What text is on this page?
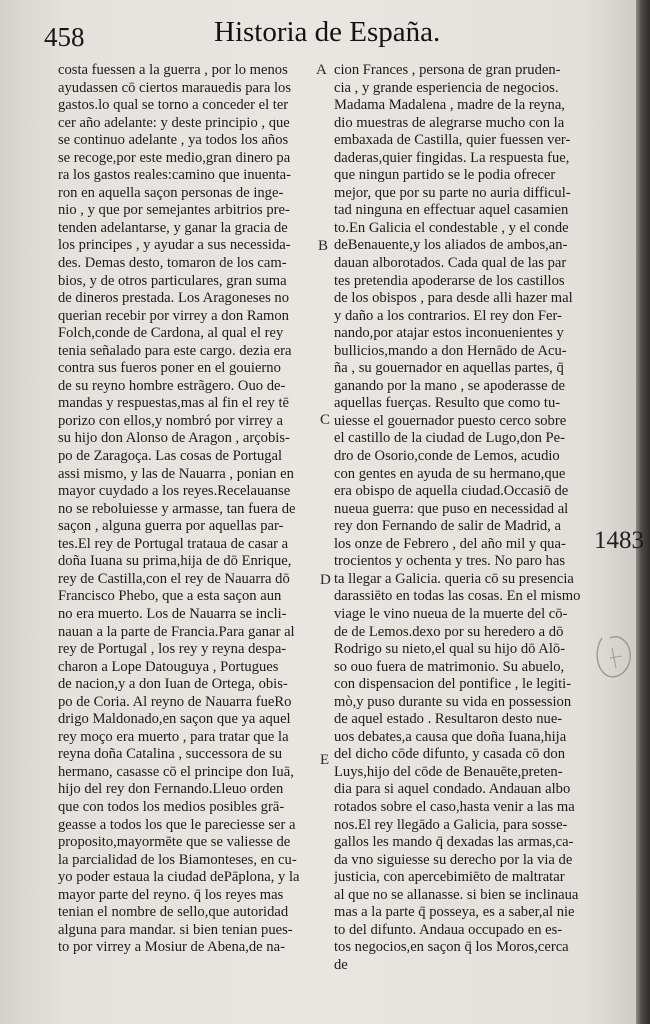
458	Historia de España.
costa fuessen a la guerra , por lo menos
ayudassen cō ciertos marauedis para los
gastos.lo qual se torno a conceder el ter
cer año adelante: y deste principio , que
se continuo adelante , ya todos los años
se recoge,por este medio,gran dinero pa
ra los gastos reales:camino que inuenta-
ron en aquella saçon personas de inge-
nio , y que por semejantes arbitrios pre-
tenden adelantarse, y ganar la gracia de
los principes , y ayudar a sus necessida-
des. Demas desto, tomaron de los cam-
bios, y de otros particulares, gran suma
de dineros prestada. Los Aragoneses no
querian recebir por virrey a don Ramon
Folch,conde de Cardona, al qual el rey
tenia señalado para este cargo. dezia era
contra sus fueros poner en el gouierno
de su reyno hombre estrãgero. Ouo de-
mandas y respuestas,mas al fin el rey tē
porizo con ellos,y nombró por virrey a
su hijo don Alonso de Aragon , arçobis-
po de Zaragoça. Las cosas de Portugal
assi mismo, y las de Nauarra , ponian en
mayor cuydado a los reyes.Recelauanse
no se reboluiesse y armasse, tan fuera de
saçon , alguna guerra por aquellas par-
tes.El rey de Portugal trataua de casar a
doña Iuana su prima,hija de dō Enrique,
rey de Castilla,con el rey de Nauarra dō
Francisco Phebo, que a esta saçon aun
no era muerto. Los de Nauarra se incli-
nauan a la parte de Francia.Para ganar al
rey de Portugal , los rey y reyna despa-
charon a Lope Datouguya , Portugues
de nacion,y a don Iuan de Ortega, obis-
po de Coria. Al reyno de Nauarra fueRo
drigo Maldonado,en saçon que ya aquel
rey moço era muerto , para tratar que la
reyna doña Catalina , successora de su
hermano, casasse cō el principe don Iuā,
hijo del rey don Fernando.Lleuo orden
que con todos los medios posibles grā-
geasse a todos los que le pareciesse ser a
proposito,mayormēte que se valiesse de
la parcialidad de los Biamonteses, en cu-
yo poder estaua la ciudad dePāplona, y la
mayor parte del reyno. q̄ los reyes mas
tenian el nombre de sello,que autoridad
alguna para mandar. si bien tenian pues-
to por virrey a Mosiur de Abena,de na-
cion Frances , persona de gran pruden-
cia , y grande esperiencia de negocios.
Madama Madalena , madre de la reyna,
dio muestras de alegrarse mucho con la
embaxada de Castilla, quier fuessen ver-
daderas,quier fingidas. La respuesta fue,
que ningun partido se le podia ofrecer
mejor, que por su parte no auria difficul-
tad ninguna en effectuar aquel casamien
to.En Galicia el condestable , y el conde
deBenauente,y los aliados de ambos,an-
dauan alborotados. Cada qual de las par
tes pretendia apoderarse de los castillos
de los obispos , para desde alli hazer mal
y daño a los contrarios. El rey don Fer-
nando,por atajar estos inconuenientes y
bullicios,mando a don Hernādo de Acu-
ña , su gouernador en aquellas partes, q̄
ganando por la mano , se apoderasse de
aquellas fuerças. Resulto que como tu-
uiesse el gouernador puesto cerco sobre
el castillo de la ciudad de Lugo,don Pe-
dro de Osorio,conde de Lemos, acudio
con gentes en ayuda de su hermano,que
era obispo de aquella ciudad.Occasiō de
nueua guerra: que puso en necessidad al
rey don Fernando de salir de Madrid, a
los onze de Febrero , del año mil y qua-
trocientos y ochenta y tres. No paro has
ta llegar a Galicia. queria cō su presencia
darassiēto en todas las cosas. En el mismo
viage le vino nueua de la muerte del cō-
de de Lemos.dexo por su heredero a dō
Rodrigo su nieto,el qual su hijo dō Alō-
so ouo fuera de matrimonio. Su abuelo,
con dispensacion del pontifice , le legiti-
mò,y puso durante su vida en possession
de aquel estado . Resultaron desto nue-
uos debates,a causa que doña Iuana,hija
del dicho cōde difunto, y casada cō don
Luys,hijo del cōde de Benauēte,preten-
dia para si aquel condado. Andauan albo
rotados sobre el caso,hasta venir a las ma
nos.El rey llegādo a Galicia, para sosse-
gallos les mando q̄ dexadas las armas,ca-
da vno siguiesse su derecho por la via de
justicia, con apercebimiēto de maltratar
al que no se allanasse. si bien se inclinaua
mas a la parte q̄ posseya, es a saber,al nie
to del difunto. Andaua occupado en es-
tos negocios,en saçon q̄ los Moros,cerca
de
A
B
C
D
E
1483
